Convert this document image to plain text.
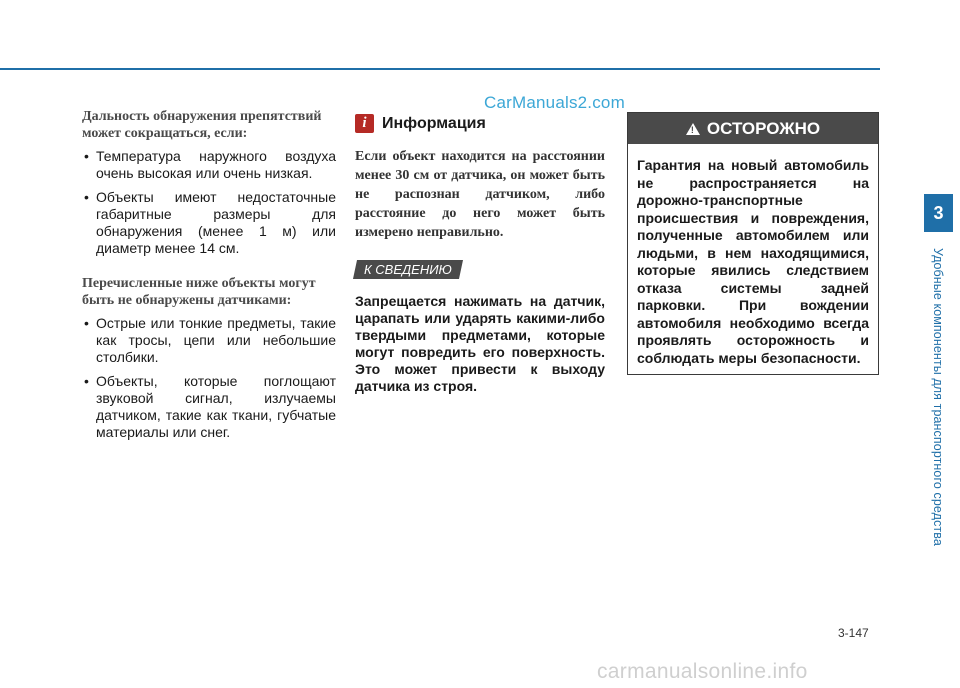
CarManuals2.com
Дальность обнаружения препятствий может сокращаться, если:
• Температура наружного воздуха очень высокая или очень низкая.
• Объекты имеют недостаточные габаритные размеры для обнаружения (менее 1 м) или диаметр менее 14 см.
Перечисленные ниже объекты могут быть не обнаружены датчиками:
• Острые или тонкие предметы, такие как тросы, цепи или небольшие столбики.
• Объекты, которые поглощают звуковой сигнал, излучаемы датчиком, такие как ткани, губчатые материалы или снег.
i Информация
Если объект находится на расстоянии менее 30 см от датчика, он может быть не распознан датчиком, либо расстояние до него может быть измерено неправильно.
К СВЕДЕНИЮ
Запрещается нажимать на датчик, царапать или ударять какими-либо твердыми предметами, которые могут повредить его поверхность. Это может привести к выходу датчика из строя.
!
ОСТОРОЖНО
Гарантия на новый автомобиль не распространяется на дорожно-транспортные происшествия и повреждения, полученные автомобилем или людьми, в нем находящимися, которые явились следствием отказа системы задней парковки. При вождении автомобиля необходимо всегда проявлять осторожность и соблюдать меры безопасности.
3
Удобные компоненты для транспортного средства
3-147
carmanualsonline.info
